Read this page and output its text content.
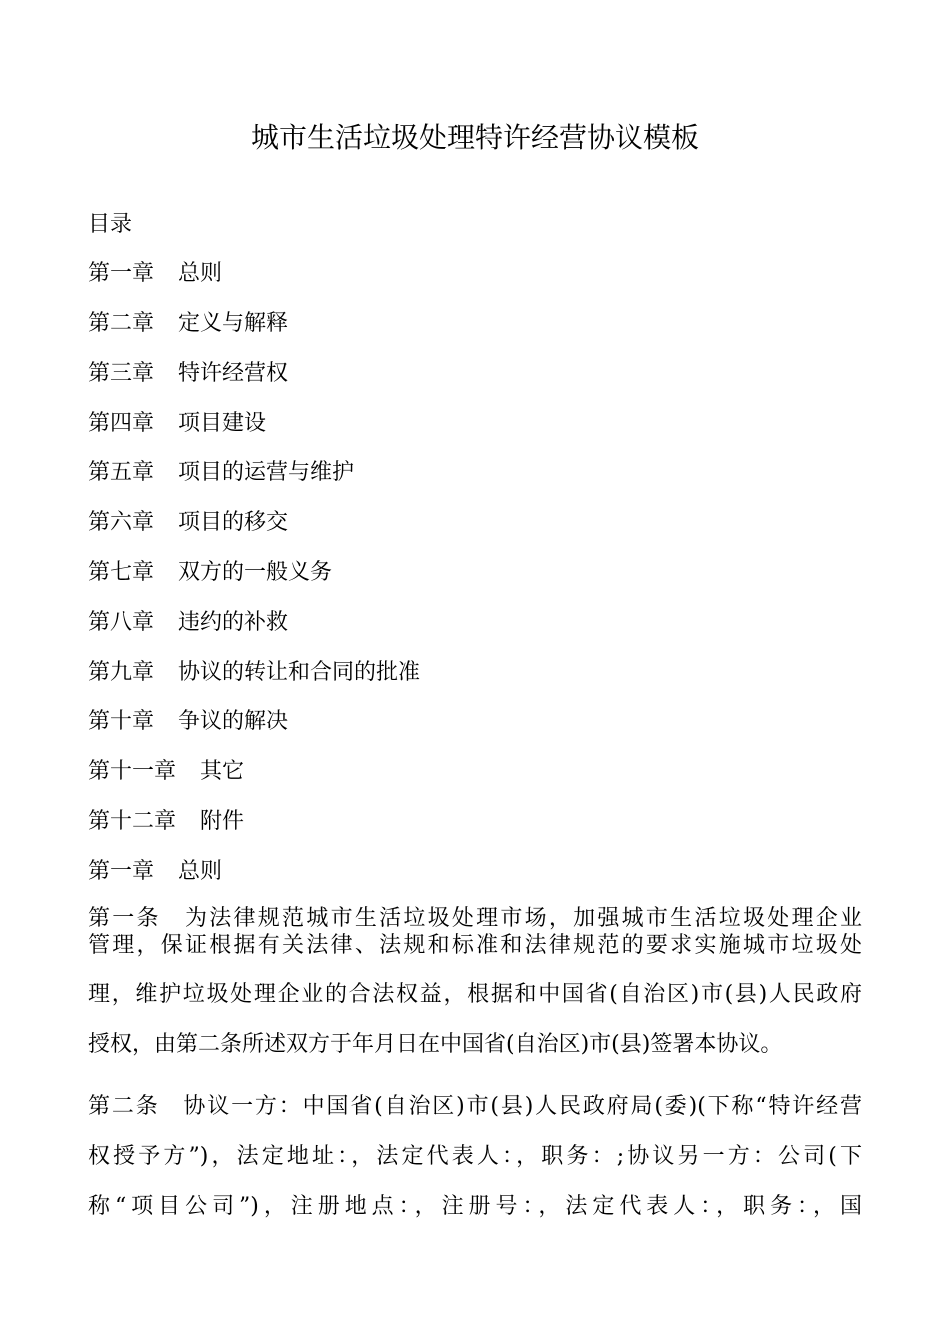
城市生活垃圾处理特许经营协议模板

目录

第一章 总则

第二章 定义与解释

第三章 特许经营权

第四章 项目建设

第五章 项目的运营与维护

第六章 项目的移交

第七章 双方的一般义务

第八章 违约的补救

第九章 协议的转让和合同的批准

第十章 争议的解决

第十一章 其它

第十二章 附件

第一章 总则

第一条　为法律规范城市生活垃圾处理市场，加强城市生活垃圾处理企业
管理，保证根据有关法律、法规和标准和法律规范的要求实施城市垃圾处
理，维护垃圾处理企业的合法权益，根据和中国省(自治区)市(县)人民政府
授权，由第二条所述双方于年月日在中国省(自治区)市(县)签署本协议。
第二条　协议一方：中国省(自治区)市(县)人民政府局(委)(下称“特许经营
权授予方”)，法定地址：，法定代表人：，职务：;协议另一方：公司(下
称“项目公司”)，注册地点：，注册号：，法定代表人：，职务：，国
